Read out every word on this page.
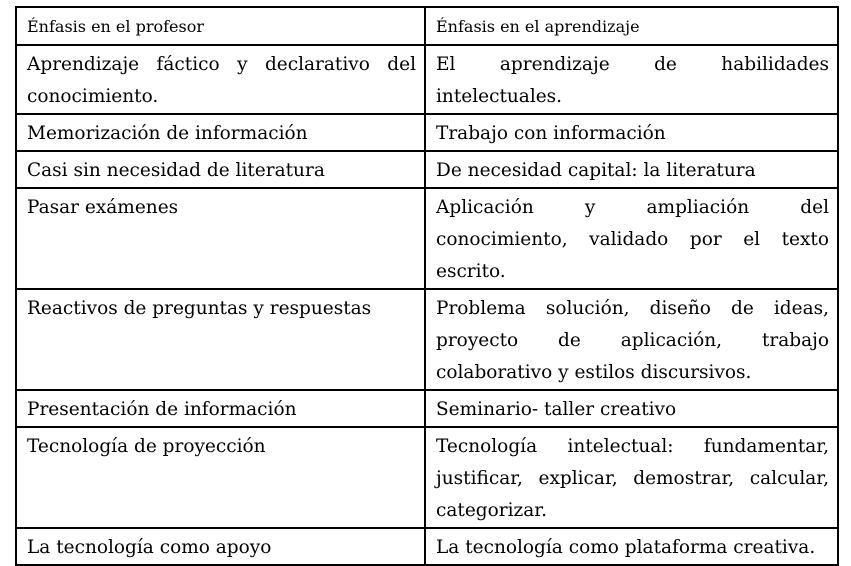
Énfasis en el profesor	Énfasis en el aprendizaje
Aprendizaje fáctico y declarativo del conocimiento.	El aprendizaje de habilidades intelectuales.
Memorización de información	Trabajo con información
Casi sin necesidad de literatura	De necesidad capital: la literatura
Pasar exámenes	Aplicación y ampliación del conocimiento, validado por el texto escrito.
Reactivos de preguntas y respuestas	Problema solución, diseño de ideas, proyecto de aplicación, trabajo colaborativo y estilos discursivos.
Presentación de información	Seminario- taller creativo
Tecnología de proyección	Tecnología intelectual: fundamentar, justificar, explicar, demostrar, calcular, categorizar.
La tecnología como apoyo	La tecnología como plataforma creativa.
